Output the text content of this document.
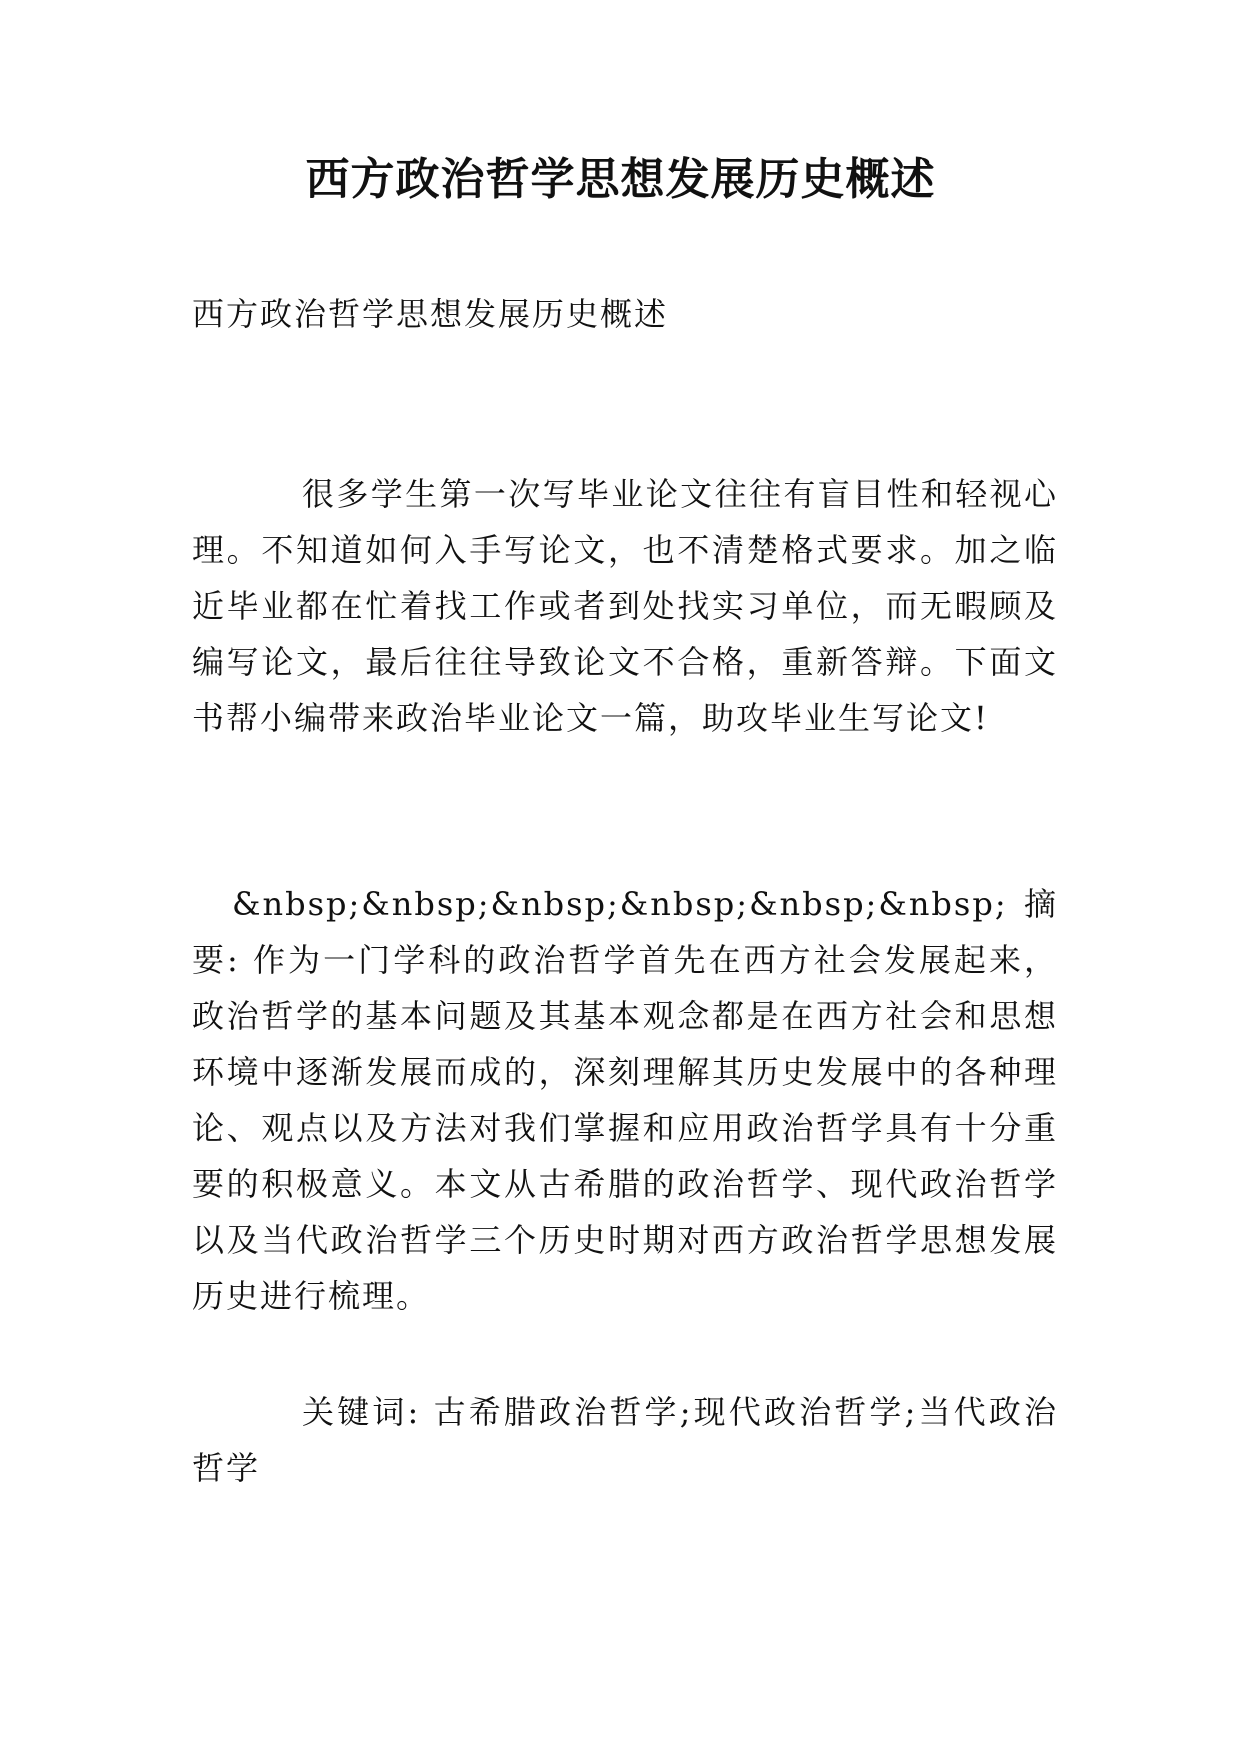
西方政治哲学思想发展历史概述

西方政治哲学思想发展历史概述

很多学生第一次写毕业论文往往有盲目性和轻视心理。不知道如何入手写论文，也不清楚格式要求。加之临近毕业都在忙着找工作或者到处找实习单位，而无暇顾及编写论文，最后往往导致论文不合格，重新答辩。下面文书帮小编带来政治毕业论文一篇，助攻毕业生写论文!

&nbsp;&nbsp;&nbsp;&nbsp;&nbsp;&nbsp; 摘 要: 作为一门学科的政治哲学首先在西方社会发展起来，政治哲学的基本问题及其基本观念都是在西方社会和思想环境中逐渐发展而成的，深刻理解其历史发展中的各种理论、观点以及方法对我们掌握和应用政治哲学具有十分重要的积极意义。本文从古希腊的政治哲学、现代政治哲学以及当代政治哲学三个历史时期对西方政治哲学思想发展历史进行梳理。

关键词: 古希腊政治哲学;现代政治哲学;当代政治哲学
